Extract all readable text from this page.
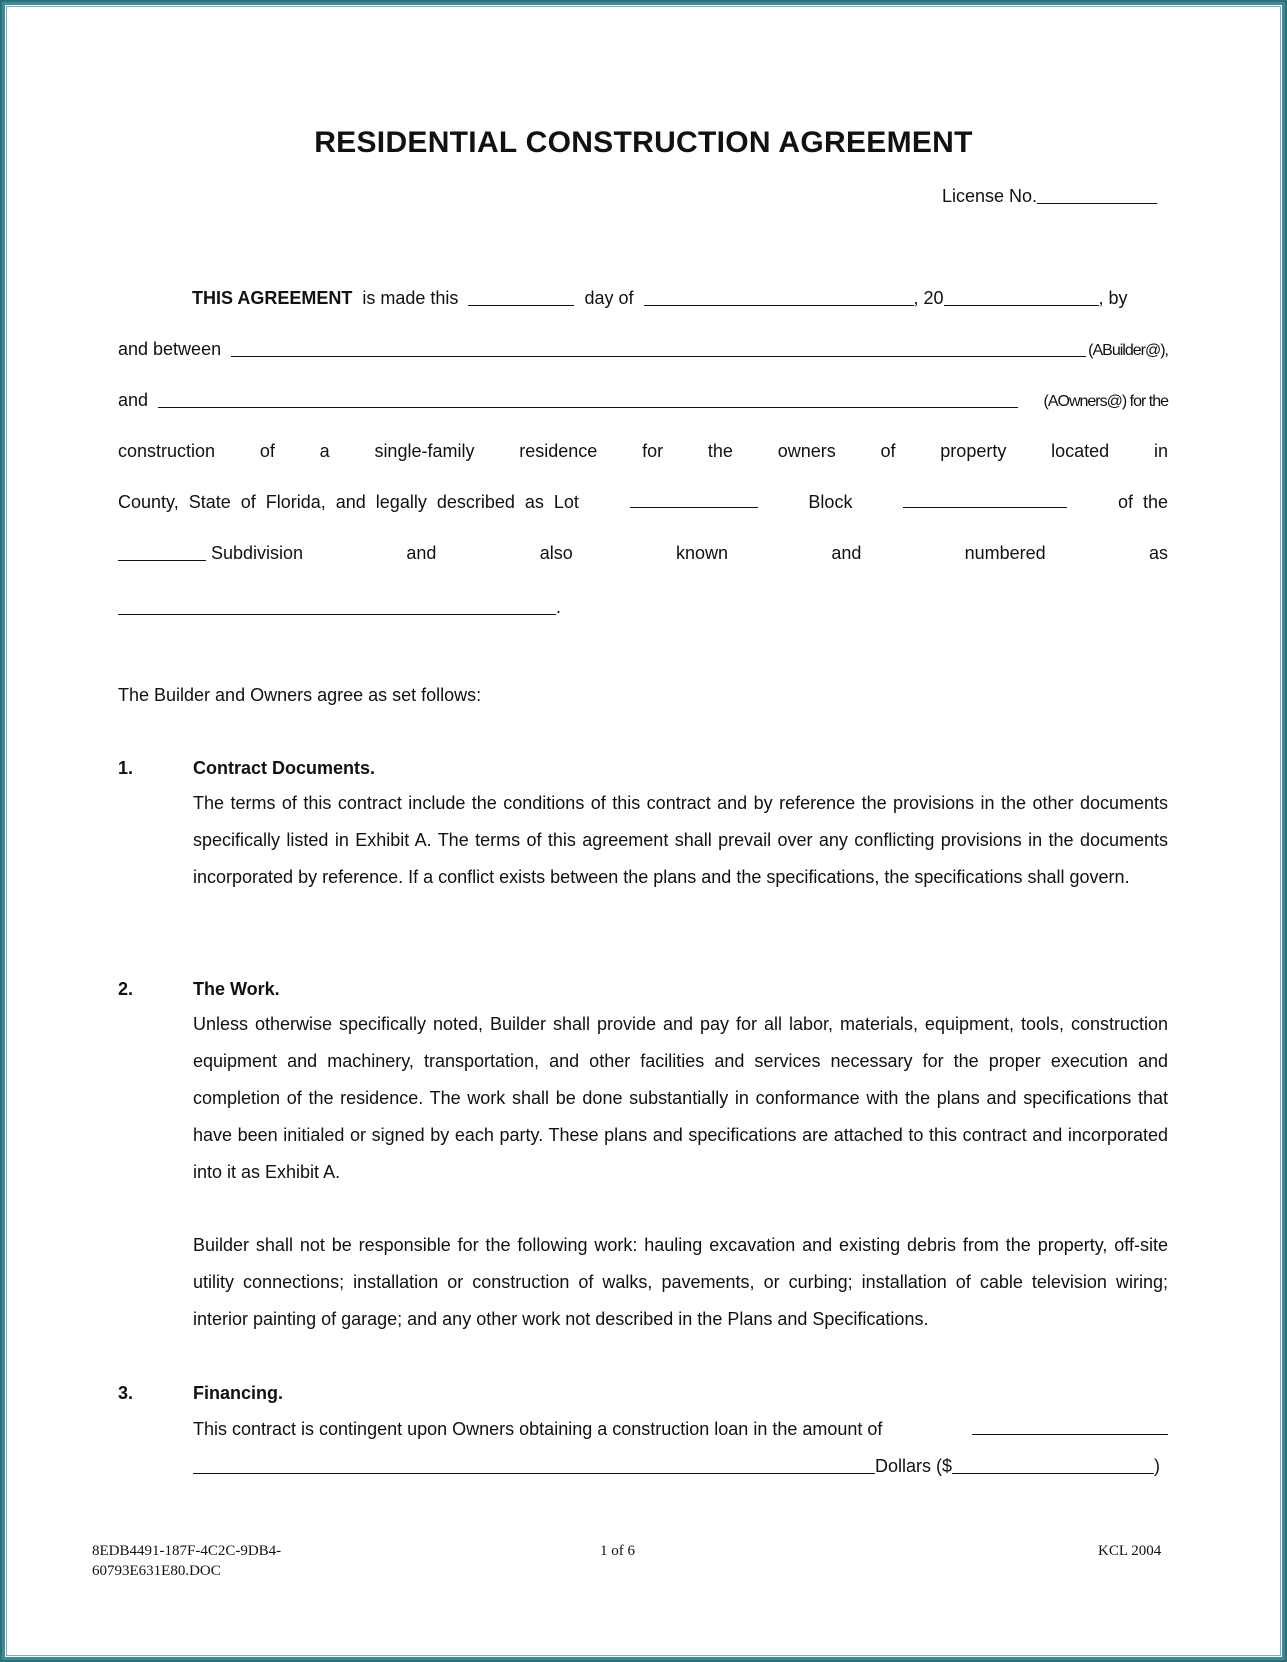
RESIDENTIAL CONSTRUCTION AGREEMENT
License No.
THIS AGREEMENT is made this	day of	, 20	, by
and between	(ABuilder@),
and	(AOwners@) for the
construction of a single-family residence for the owners of property located in
County,  State  of  Florida,  and  legally  described  as  Lot	Block	of  the
Subdivision	and	also	known	and	numbered	as
.
The Builder and Owners agree as set follows:
1.	Contract Documents.
The terms of this contract include the conditions of this contract and by reference the provisions in the other documents specifically listed in Exhibit A. The terms of this agreement shall prevail over any conflicting provisions in the documents incorporated by reference. If a conflict exists between the plans and the specifications, the specifications shall govern.
2.	The Work.
Unless otherwise specifically noted, Builder shall provide and pay for all labor, materials, equipment, tools, construction equipment and machinery, transportation, and other facilities and services necessary for the proper execution and completion of the residence. The work shall be done substantially in conformance with the plans and specifications that have been initialed or signed by each party. These plans and specifications are attached to this contract and incorporated into it as Exhibit A.
Builder shall not be responsible for the following work: hauling excavation and existing debris from the property, off-site utility connections; installation or construction of walks, pavements, or curbing; installation of cable television wiring; interior painting of garage; and any other work not described in the Plans and Specifications.
3.	Financing.
This contract is contingent upon Owners obtaining a construction loan in the amount of
Dollars ($	)
8EDB4491-187F-4C2C-9DB4-
60793E631E80.DOC
1 of 6	KCL 2004
